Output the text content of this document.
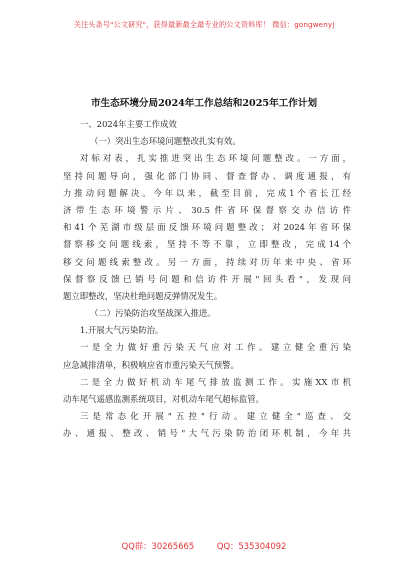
关注头条号"公文研究"，获得最新最全最专业的公文资料库！ 微信：gongwenyj
市生态环境分局2024年工作总结和2025年工作计划
一、2024年主要工作成效
（一）突出生态环境问题整改扎实有效。
对标对表，扎实推进突出生态环境问题整改。一方面，
坚持问题导向，强化部门协同、督查督办、调度通报，有
力推动问题解决。今年以来，截至目前，完成1个省长江经
济带生态环境警示片、30.5件省环保督察交办信访件
和41个芜湖市级层面反馈环境问题整改；对2024年省环保
督察移交问题线索，坚持不等不靠，立即整改，完成14个
移交问题线索整改。另一方面，持续对历年来中央、省环
保督察反馈已销号问题和信访件开展"回头看"，发现问
题立即整改，坚决杜绝问题反弹情况发生。
（二）污染防治攻坚战深入推进。
1.开展大气污染防治。
一是全力做好重污染天气应对工作。建立健全重污染
应急减排清单，积极响应省市重污染天气预警。
二是全力做好机动车尾气排放监测工作。实施XX市机
动车尾气遥感监测系统项目，对机动车尾气超标监管。
三是常态化开展"五控"行动。建立健全"巡查、交
办、通报、整改、销号"大气污染防治闭环机制，今年共
QQ群：30265665	QQ：535304092
